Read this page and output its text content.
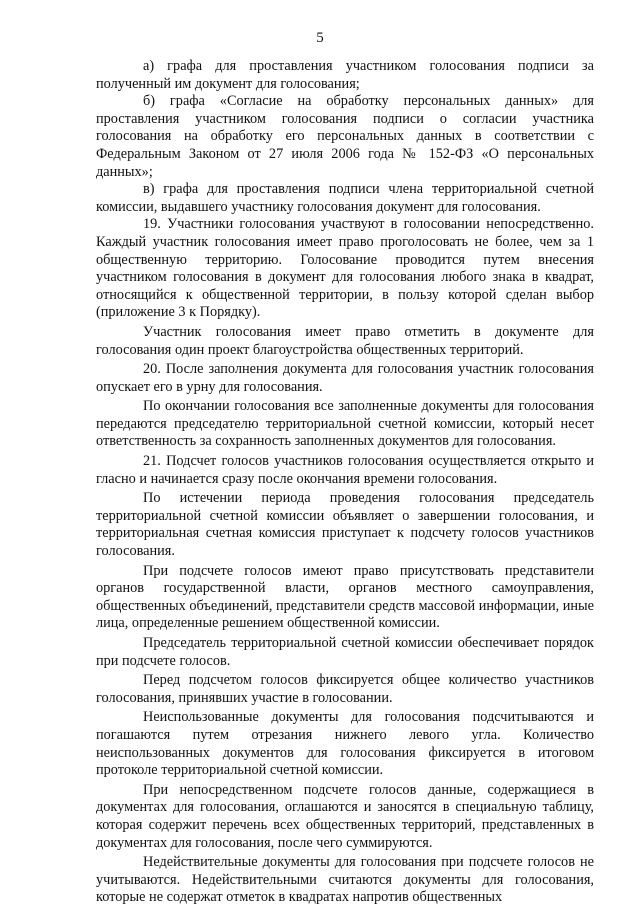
5

а) графа для проставления участником голосования подписи за полученный им документ для голосования;

б) графа «Согласие на обработку персональных данных» для проставления участником голосования подписи о согласии участника голосования на обработку его персональных данных в соответствии с Федеральным Законом от 27 июля 2006 года № 152-ФЗ «О персональных данных»;

в) графа для проставления подписи члена территориальной счетной комиссии, выдавшего участнику голосования документ для голосования.

19. Участники голосования участвуют в голосовании непосредственно. Каждый участник голосования имеет право проголосовать не более, чем за 1 общественную территорию. Голосование проводится путем внесения участником голосования в документ для голосования любого знака в квадрат, относящийся к общественной территории, в пользу которой сделан выбор (приложение 3 к Порядку).

Участник голосования имеет право отметить в документе для голосования один проект благоустройства общественных территорий.

20. После заполнения документа для голосования участник голосования опускает его в урну для голосования.

По окончании голосования все заполненные документы для голосования передаются председателю территориальной счетной комиссии, который несет ответственность за сохранность заполненных документов для голосования.

21. Подсчет голосов участников голосования осуществляется открыто и гласно и начинается сразу после окончания времени голосования.

По истечении периода проведения голосования председатель территориальной счетной комиссии объявляет о завершении голосования, и территориальная счетная комиссия приступает к подсчету голосов участников голосования.

При подсчете голосов имеют право присутствовать представители органов государственной власти, органов местного самоуправления, общественных объединений, представители средств массовой информации, иные лица, определенные решением общественной комиссии.

Председатель территориальной счетной комиссии обеспечивает порядок при подсчете голосов.

Перед подсчетом голосов фиксируется общее количество участников голосования, принявших участие в голосовании.

Неиспользованные документы для голосования подсчитываются и погашаются путем отрезания нижнего левого угла. Количество неиспользованных документов для голосования фиксируется в итоговом протоколе территориальной счетной комиссии.

При непосредственном подсчете голосов данные, содержащиеся в документах для голосования, оглашаются и заносятся в специальную таблицу, которая содержит перечень всех общественных территорий, представленных в документах для голосования, после чего суммируются.

Недействительные документы для голосования при подсчете голосов не учитываются. Недействительными считаются документы для голосования, которые не содержат отметок в квадратах напротив общественных
